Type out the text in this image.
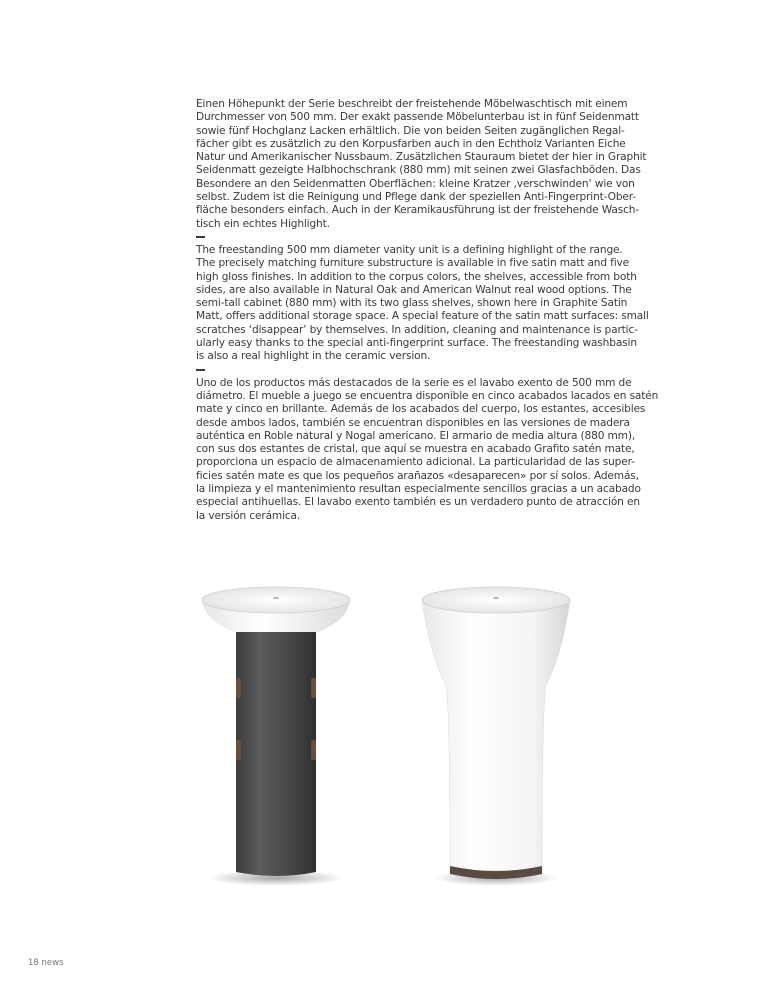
Einen Höhepunkt der Serie beschreibt der freistehende Möbelwaschtisch mit einem
Durchmesser von 500 mm. Der exakt passende Möbelunterbau ist in fünf Seidenmatt
sowie fünf Hochglanz Lacken erhältlich. Die von beiden Seiten zugänglichen Regal-
fächer gibt es zusätzlich zu den Korpusfarben auch in den Echtholz Varianten Eiche
Natur und Amerikanischer Nussbaum. Zusätzlichen Stauraum bietet der hier in Graphit
Seidenmatt gezeigte Halbhochschrank (880 mm) mit seinen zwei Glasfachböden. Das
Besondere an den Seidenmatten Oberflächen: kleine Kratzer ‚verschwinden‘ wie von
selbst. Zudem ist die Reinigung und Pflege dank der speziellen Anti-Fingerprint-Ober-
fläche besonders einfach. Auch in der Keramikausführung ist der freistehende Wasch-
tisch ein echtes Highlight.

The freestanding 500 mm diameter vanity unit is a defining highlight of the range.
The precisely matching furniture substructure is available in five satin matt and five
high gloss finishes. In addition to the corpus colors, the shelves, accessible from both
sides, are also available in Natural Oak and American Walnut real wood options. The
semi-tall cabinet (880 mm) with its two glass shelves, shown here in Graphite Satin
Matt, offers additional storage space. A special feature of the satin matt surfaces: small
scratches ‘disappear’ by themselves. In addition, cleaning and maintenance is partic-
ularly easy thanks to the special anti-fingerprint surface. The freestanding washbasin
is also a real highlight in the ceramic version.

Uno de los productos más destacados de la serie es el lavabo exento de 500 mm de
diámetro. El mueble a juego se encuentra disponible en cinco acabados lacados en satén
mate y cinco en brillante. Además de los acabados del cuerpo, los estantes, accesibles
desde ambos lados, también se encuentran disponibles en las versiones de madera
auténtica en Roble natural y Nogal americano. El armario de media altura (880 mm),
con sus dos estantes de cristal, que aquí se muestra en acabado Grafito satén mate,
proporciona un espacio de almacenamiento adicional. La particularidad de las super-
ficies satén mate es que los pequeños arañazos «desaparecen» por sí solos. Además,
la limpieza y el mantenimiento resultan especialmente sencillos gracias a un acabado
especial antihuellas. El lavabo exento también es un verdadero punto de atracción en
la versión cerámica.

18 news
